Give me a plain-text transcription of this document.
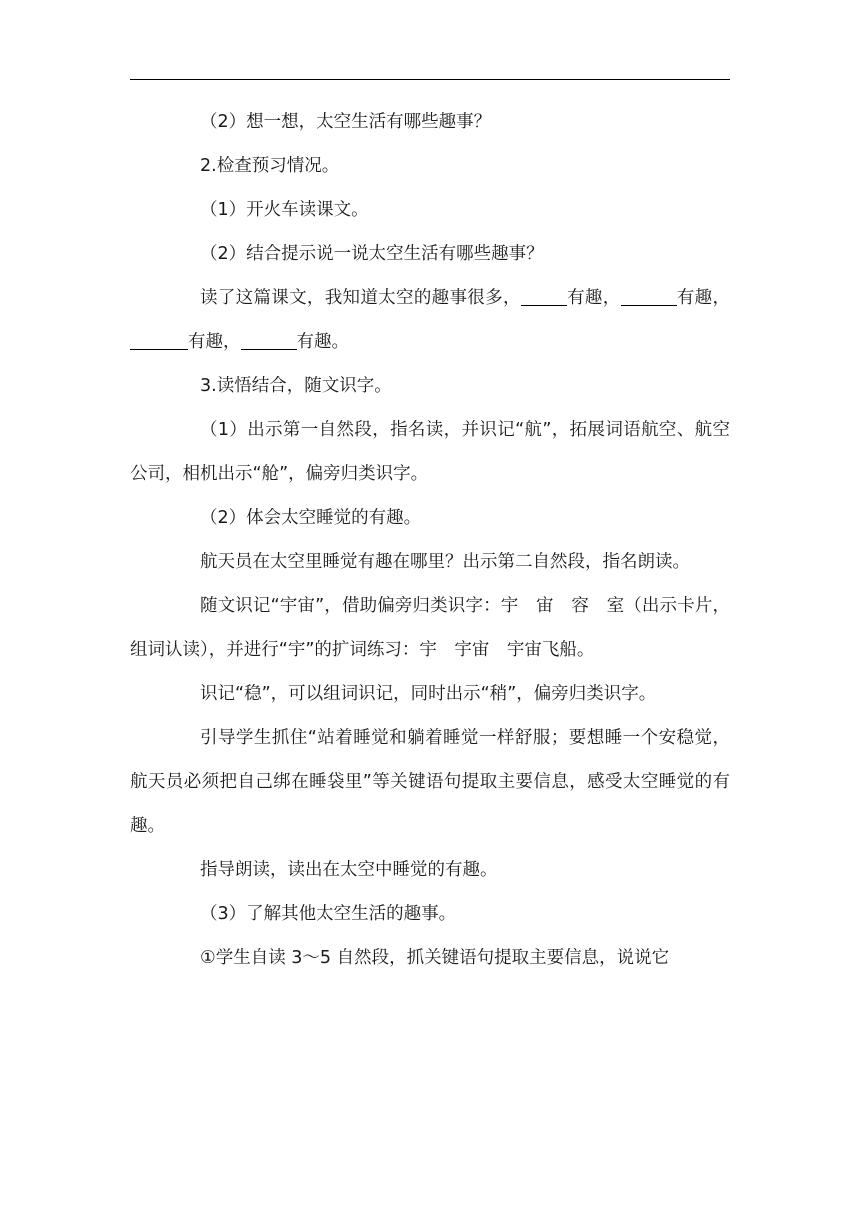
（2）想一想，太空生活有哪些趣事？

2.检查预习情况。

（1）开火车读课文。

（2）结合提示说一说太空生活有哪些趣事？

读了这篇课文，我知道太空的趣事很多，	有趣，	有趣，有趣，	有趣。

3.读悟结合，随文识字。

（1）出示第一自然段，指名读，并识记“航”，拓展词语航空、航空公司，相机出示“舱”，偏旁归类识字。

（2）体会太空睡觉的有趣。

航天员在太空里睡觉有趣在哪里？出示第二自然段，指名朗读。

随文识记“宇宙”，借助偏旁归类识字：宇　宙　容　室（出示卡片，组词认读），并进行“宇”的扩词练习：宇　宇宙　宇宙飞船。

识记“稳”，可以组词识记，同时出示“稍”，偏旁归类识字。

引导学生抓住“站着睡觉和躺着睡觉一样舒服；要想睡一个安稳觉，航天员必须把自己绑在睡袋里”等关键语句提取主要信息，感受太空睡觉的有趣。

指导朗读，读出在太空中睡觉的有趣。

（3）了解其他太空生活的趣事。

①学生自读 3～5 自然段，抓关键语句提取主要信息，说说它
